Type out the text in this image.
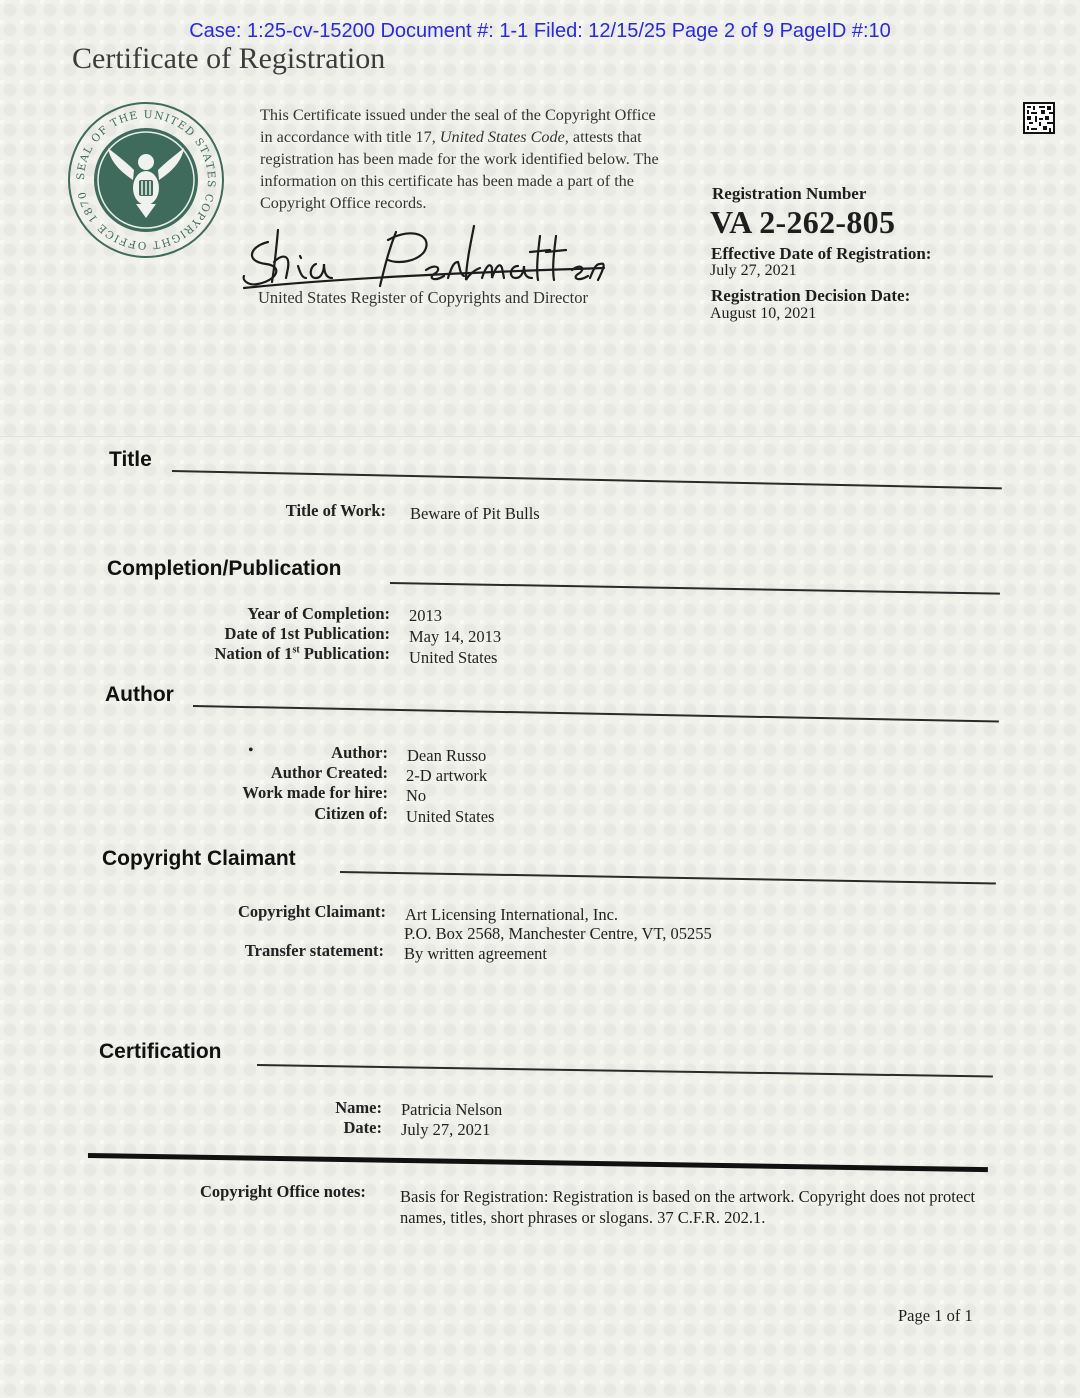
Case: 1:25-cv-15200 Document #: 1-1 Filed: 12/15/25 Page 2 of 9 PageID #:10
Certificate of Registration
SEAL OF THE UNITED STATES COPYRIGHT OFFICE 1870
This Certificate issued under the seal of the Copyright Office in accordance with title 17, United States Code, attests that registration has been made for the work identified below. The information on this certificate has been made a part of the Copyright Office records.
United States Register of Copyrights and Director
Registration Number
VA 2-262-805
Effective Date of Registration:
July 27, 2021
Registration Decision Date:
August 10, 2021
Title
Title of Work: Beware of Pit Bulls
Completion/Publication
Year of Completion: 2013
Date of 1st Publication: May 14, 2013
Nation of 1st Publication: United States
Author
•	Author: Dean Russo
Author Created: 2-D artwork
Work made for hire: No
Citizen of: United States
Copyright Claimant
Copyright Claimant: Art Licensing International, Inc.
P.O. Box 2568, Manchester Centre, VT, 05255
Transfer statement: By written agreement
Certification
Name: Patricia Nelson
Date: July 27, 2021
Copyright Office notes: Basis for Registration: Registration is based on the artwork. Copyright does not protect names, titles, short phrases or slogans. 37 C.F.R. 202.1.
Page 1 of 1
